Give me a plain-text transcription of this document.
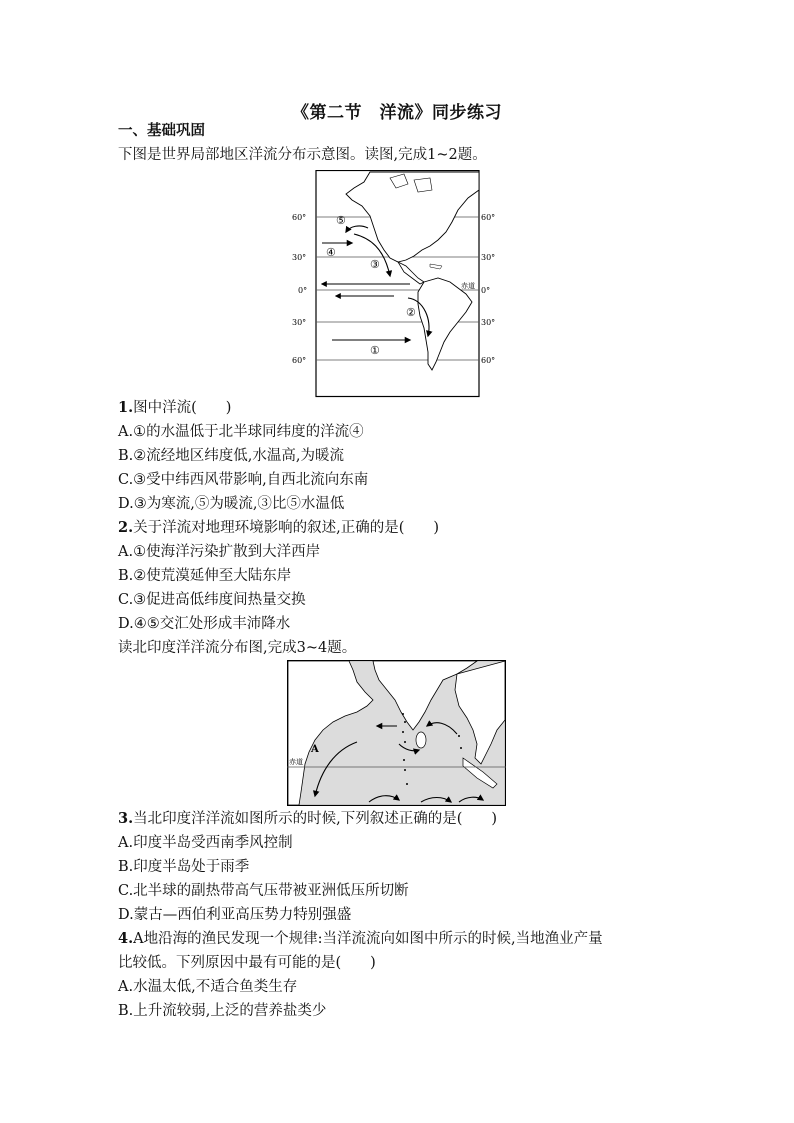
《第二节　洋流》同步练习
一、基础巩固
下图是世界局部地区洋流分布示意图。读图,完成1~2题。
60°
30°
0°
30°
60°
60°
30°
0°
30°
60°
赤道
⑤
④
③
②
①
1.图中洋流(　　)
A.①的水温低于北半球同纬度的洋流④
B.②流经地区纬度低,水温高,为暖流
C.③受中纬西风带影响,自西北流向东南
D.③为寒流,⑤为暖流,③比⑤水温低
2.关于洋流对地理环境影响的叙述,正确的是(　　)
A.①使海洋污染扩散到大洋西岸
B.②使荒漠延伸至大陆东岸
C.③促进高低纬度间热量交换
D.④⑤交汇处形成丰沛降水
读北印度洋洋流分布图,完成3~4题。
赤道
A
3.当北印度洋洋流如图所示的时候,下列叙述正确的是(　　)
A.印度半岛受西南季风控制
B.印度半岛处于雨季
C.北半球的副热带高气压带被亚洲低压所切断
D.蒙古—西伯利亚高压势力特别强盛
4.A地沿海的渔民发现一个规律:当洋流流向如图中所示的时候,当地渔业产量
比较低。下列原因中最有可能的是(　　)
A.水温太低,不适合鱼类生存
B.上升流较弱,上泛的营养盐类少
